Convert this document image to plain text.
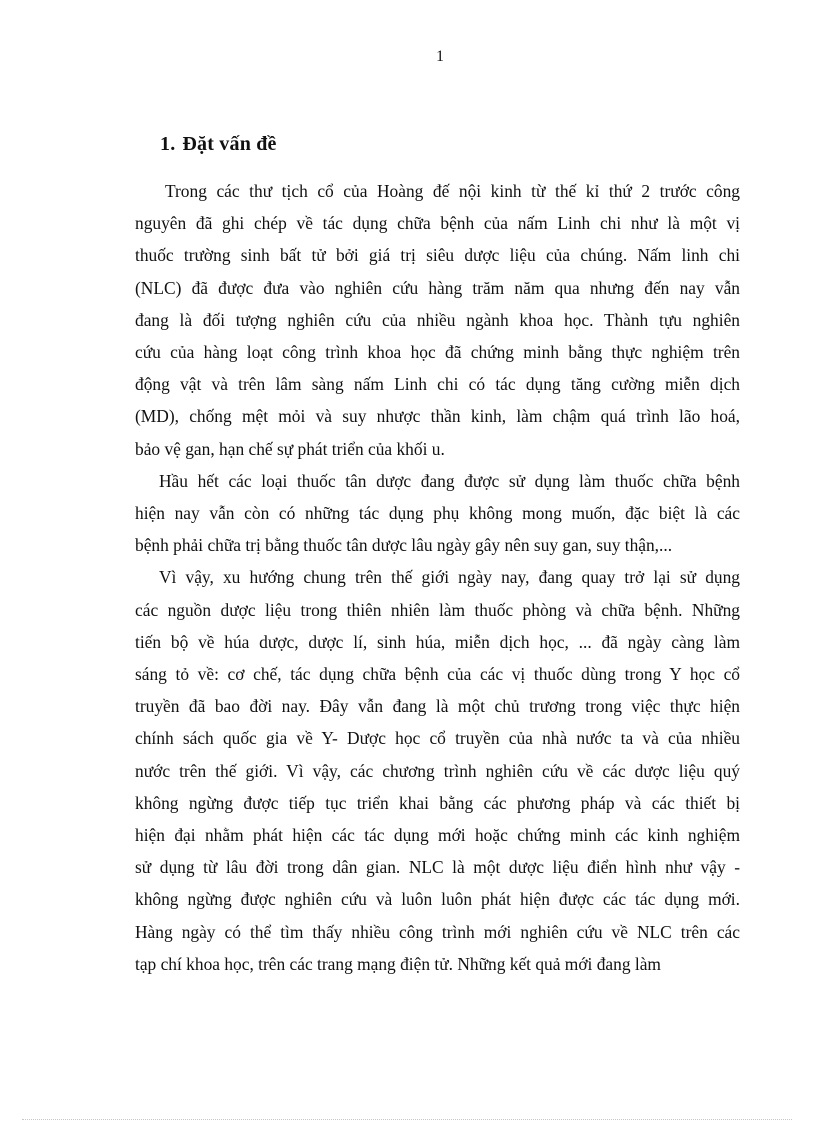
1
1. Đặt vấn đề

Trong các thư tịch cổ của Hoàng đế nội kinh từ thế kỉ thứ 2 trước công
nguyên đã ghi chép về tác dụng chữa bệnh của nấm Linh chi như là một vị
thuốc trường sinh bất tử bởi giá trị siêu dược liệu của chúng. Nấm linh chi
(NLC) đã được đưa vào nghiên cứu hàng trăm năm qua nhưng đến nay vẫn
đang là đối tượng nghiên cứu của nhiều ngành khoa học. Thành tựu nghiên
cứu của hàng loạt công trình khoa học đã chứng minh bằng thực nghiệm trên
động vật và trên lâm sàng nấm Linh chi có tác dụng tăng cường miễn dịch
(MD), chống mệt mỏi và suy nhược thần kinh, làm chậm quá trình lão hoá,
bảo vệ gan, hạn chế sự phát triển của khối u.

Hầu hết các loại thuốc tân dược đang được sử dụng làm thuốc chữa bệnh
hiện nay vẫn còn có những tác dụng phụ không mong muốn, đặc biệt là các
bệnh phải chữa trị bằng thuốc tân dược lâu ngày gây nên suy gan, suy thận,...

Vì vậy, xu hướng chung trên thế giới ngày nay, đang quay trở lại sử dụng
các nguồn dược liệu trong thiên nhiên làm thuốc phòng và chữa bệnh. Những
tiến bộ về húa dược, dược lí, sinh húa, miễn dịch học, ... đã ngày càng làm
sáng tỏ về: cơ chế, tác dụng chữa bệnh của các vị thuốc dùng trong Y học cổ
truyền đã bao đời nay. Đây vẫn đang là một chủ trương trong việc thực hiện
chính sách quốc gia về Y- Dược học cổ truyền của nhà nước ta và của nhiều
nước trên thế giới. Vì vậy, các chương trình nghiên cứu về các dược liệu quý
không ngừng được tiếp tục triển khai bằng các phương pháp và các thiết bị
hiện đại nhằm phát hiện các tác dụng mới hoặc chứng minh các kinh nghiệm
sử dụng từ lâu đời trong dân gian. NLC là một dược liệu điển hình như vậy -
không ngừng được nghiên cứu và luôn luôn phát hiện được các tác dụng mới.
Hàng ngày có thể tìm thấy nhiều công trình mới nghiên cứu về NLC trên các
tạp chí khoa học, trên các trang mạng điện tử. Những kết quả mới đang làm
